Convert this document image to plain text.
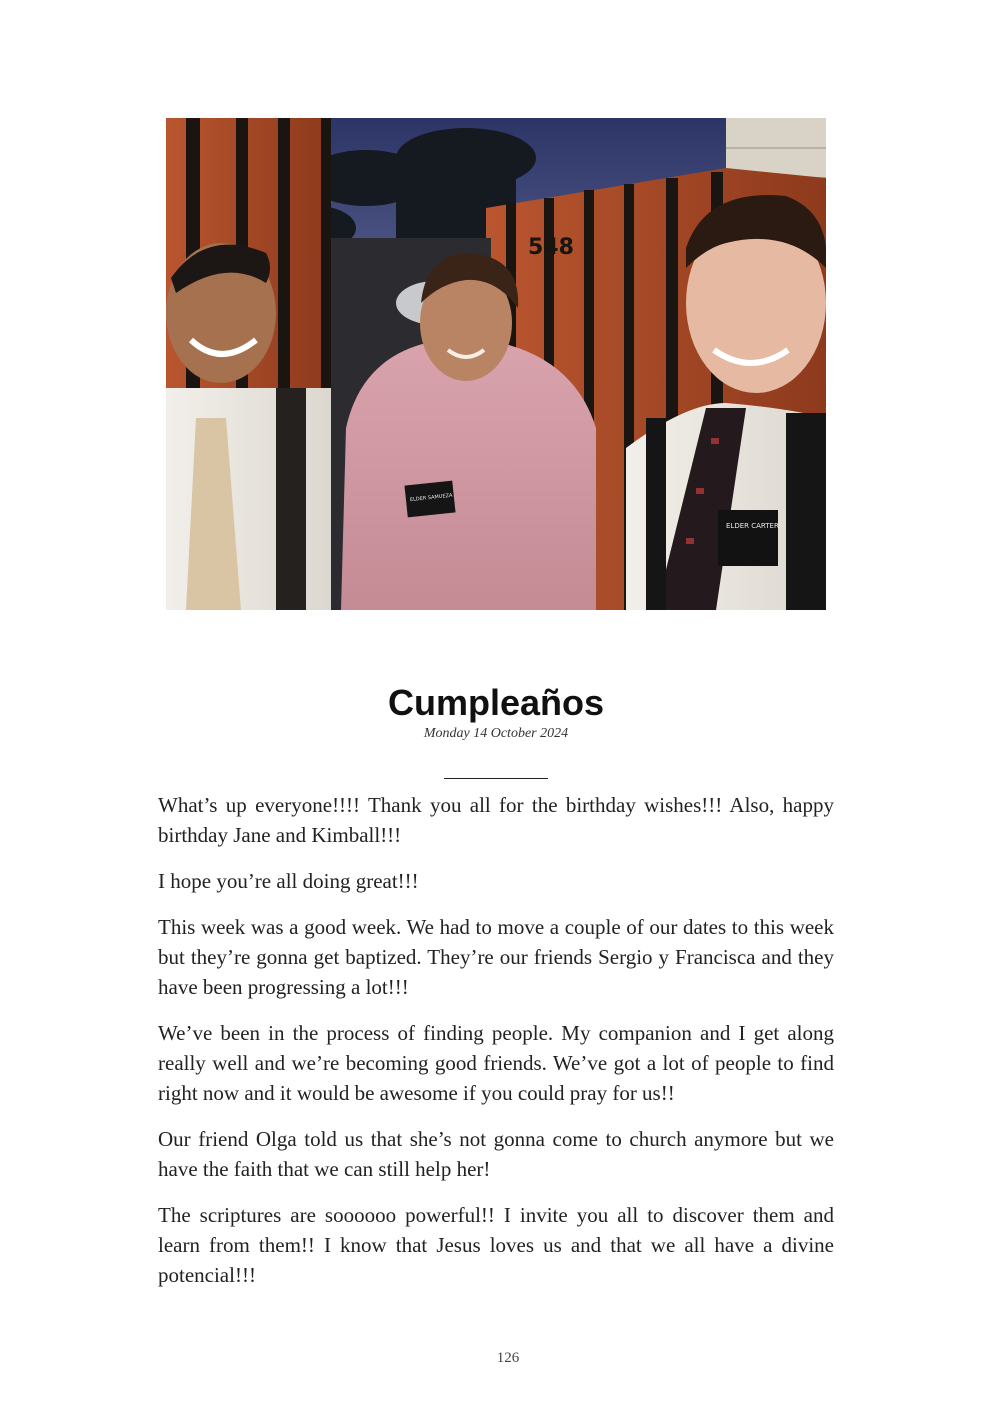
548
ELDER SAMUEZA
ELDER CARTER
Cumpleaños
Monday 14 October 2024

What’s up everyone!!!! Thank you all for the birthday wishes!!! Also, happy birthday Jane and Kimball!!!

I hope you’re all doing great!!!

This week was a good week. We had to move a couple of our dates to this week but they’re gonna get baptized. They’re our friends Sergio y Francisca and they have been progressing a lot!!!

We’ve been in the process of finding people. My companion and I get along really well and we’re becoming good friends. We’ve got a lot of people to find right now and it would be awesome if you could pray for us!!

Our friend Olga told us that she’s not gonna come to church anymore but we have the faith that we can still help her!

The scriptures are soooooo powerful!! I invite you all to discover them and learn from them!! I know that Jesus loves us and that we all have a divine potencial!!!

126
